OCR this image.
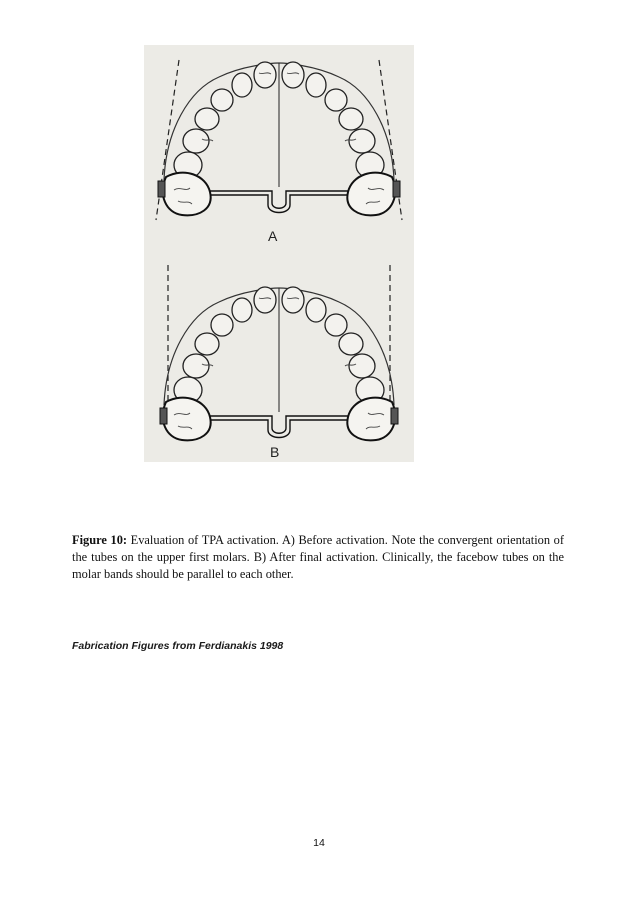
A
B

Figure 10: Evaluation of TPA activation. A) Before activation. Note the convergent orientation of the tubes on the upper first molars. B) After final activation. Clinically, the facebow tubes on the molar bands should be parallel to each other.

Fabrication Figures from Ferdianakis 1998
14
